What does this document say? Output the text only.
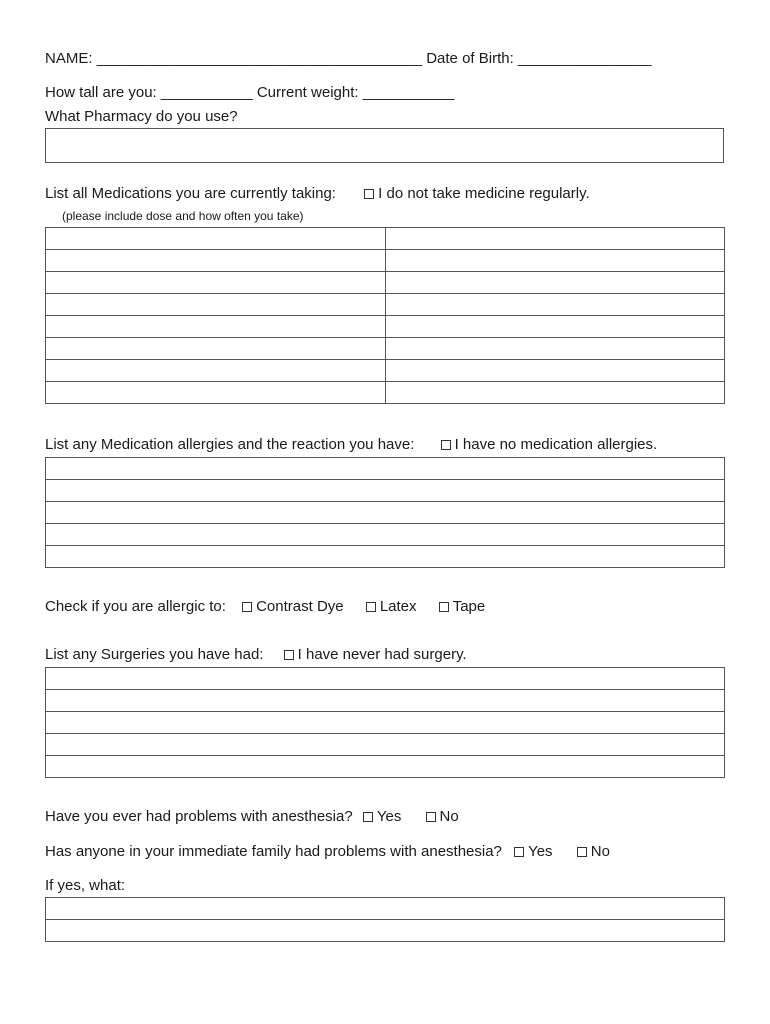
NAME: _______________________________________ Date of Birth: ________________
How tall are you: ___________ Current weight: ___________
What Pharmacy do you use?
List all Medications you are currently taking:	I do not take medicine regularly.
(please include dose and how often you take)

List any Medication allergies and the reaction you have:	I have no medication allergies.

Check if you are allergic to: Contrast Dye Latex Tape
List any Surgeries you have had: I have never had surgery.

Have you ever had problems with anesthesia? Yes	No
Has anyone in your immediate family had problems with anesthesia? Yes	No
If yes, what:
